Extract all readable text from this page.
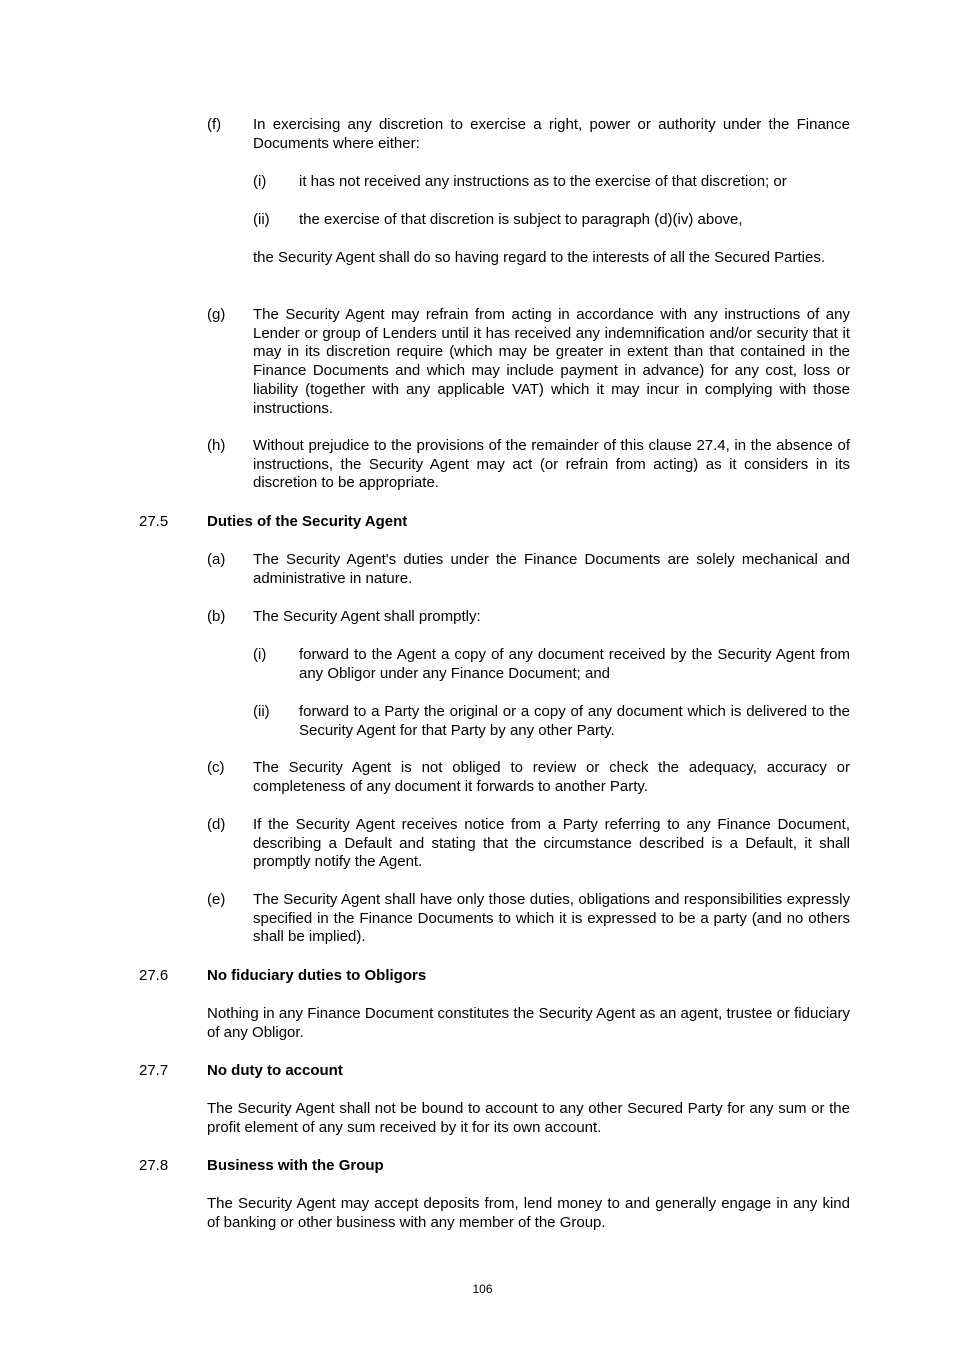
(f) In exercising any discretion to exercise a right, power or authority under the Finance Documents where either:

(i) it has not received any instructions as to the exercise of that discretion; or

(ii) the exercise of that discretion is subject to paragraph (d)(iv) above,

the Security Agent shall do so having regard to the interests of all the Secured Parties.

(g) The Security Agent may refrain from acting in accordance with any instructions of any Lender or group of Lenders until it has received any indemnification and/or security that it may in its discretion require (which may be greater in extent than that contained in the Finance Documents and which may include payment in advance) for any cost, loss or liability (together with any applicable VAT) which it may incur in complying with those instructions.

(h) Without prejudice to the provisions of the remainder of this clause 27.4, in the absence of instructions, the Security Agent may act (or refrain from acting) as it considers in its discretion to be appropriate.

27.5	Duties of the Security Agent

(a) The Security Agent's duties under the Finance Documents are solely mechanical and administrative in nature.

(b) The Security Agent shall promptly:

(i) forward to the Agent a copy of any document received by the Security Agent from any Obligor under any Finance Document; and

(ii) forward to a Party the original or a copy of any document which is delivered to the Security Agent for that Party by any other Party.

(c) The Security Agent is not obliged to review or check the adequacy, accuracy or completeness of any document it forwards to another Party.

(d) If the Security Agent receives notice from a Party referring to any Finance Document, describing a Default and stating that the circumstance described is a Default, it shall promptly notify the Agent.

(e) The Security Agent shall have only those duties, obligations and responsibilities expressly specified in the Finance Documents to which it is expressed to be a party (and no others shall be implied).

27.6	No fiduciary duties to Obligors

Nothing in any Finance Document constitutes the Security Agent as an agent, trustee or fiduciary of any Obligor.

27.7	No duty to account

The Security Agent shall not be bound to account to any other Secured Party for any sum or the profit element of any sum received by it for its own account.

27.8	Business with the Group

The Security Agent may accept deposits from, lend money to and generally engage in any kind of banking or other business with any member of the Group.

106
